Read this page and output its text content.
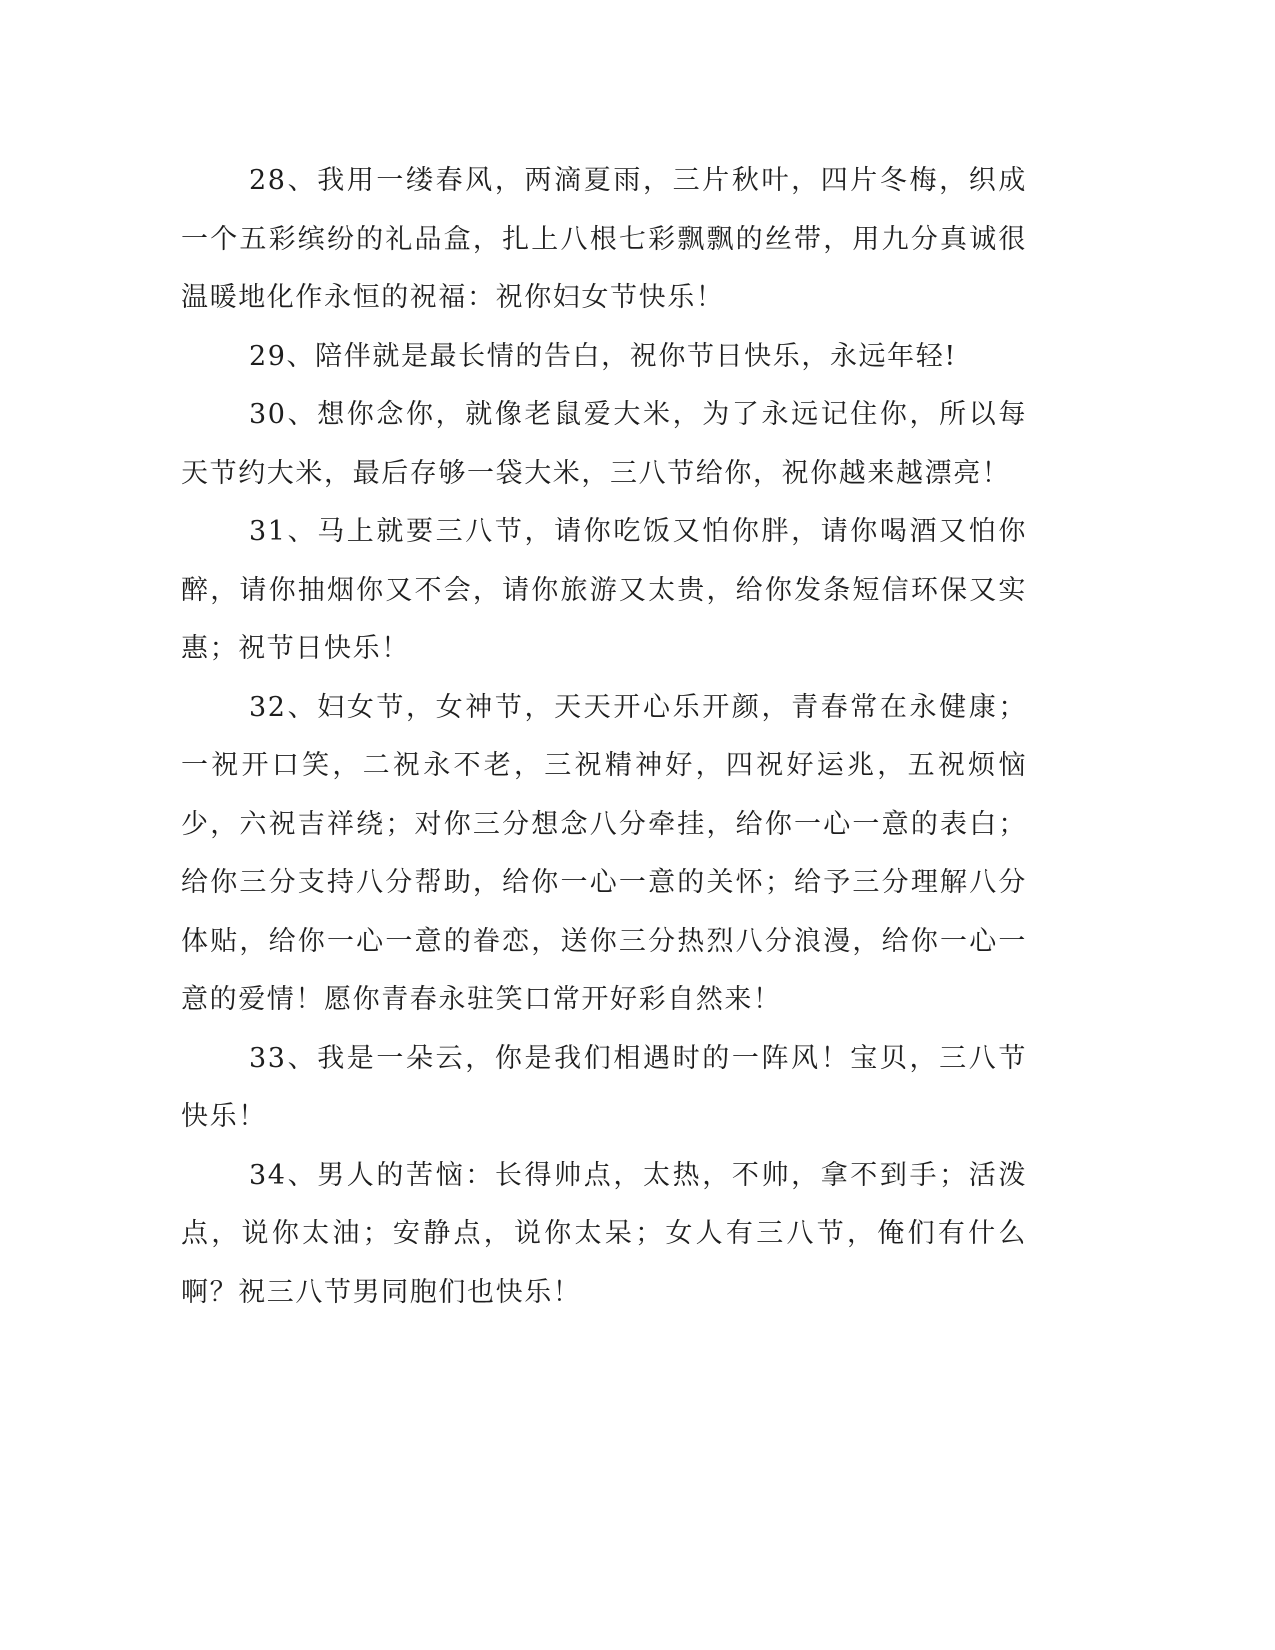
28、我用一缕春风，两滴夏雨，三片秋叶，四片冬梅，织成一个五彩缤纷的礼品盒，扎上八根七彩飘飘的丝带，用九分真诚很温暖地化作永恒的祝福：祝你妇女节快乐！

29、陪伴就是最长情的告白，祝你节日快乐，永远年轻!

30、想你念你，就像老鼠爱大米，为了永远记住你，所以每天节约大米，最后存够一袋大米，三八节给你，祝你越来越漂亮！

31、马上就要三八节，请你吃饭又怕你胖，请你喝酒又怕你醉，请你抽烟你又不会，请你旅游又太贵，给你发条短信环保又实惠；祝节日快乐！

32、妇女节，女神节，天天开心乐开颜，青春常在永健康；一祝开口笑，二祝永不老，三祝精神好，四祝好运兆，五祝烦恼少，六祝吉祥绕；对你三分想念八分牵挂，给你一心一意的表白；给你三分支持八分帮助，给你一心一意的关怀；给予三分理解八分体贴，给你一心一意的眷恋，送你三分热烈八分浪漫，给你一心一意的爱情！愿你青春永驻笑口常开好彩自然来！

33、我是一朵云，你是我们相遇时的一阵风！宝贝，三八节快乐！

34、男人的苦恼：长得帅点，太热，不帅，拿不到手；活泼点，说你太油；安静点，说你太呆；女人有三八节，俺们有什么啊？祝三八节男同胞们也快乐！
